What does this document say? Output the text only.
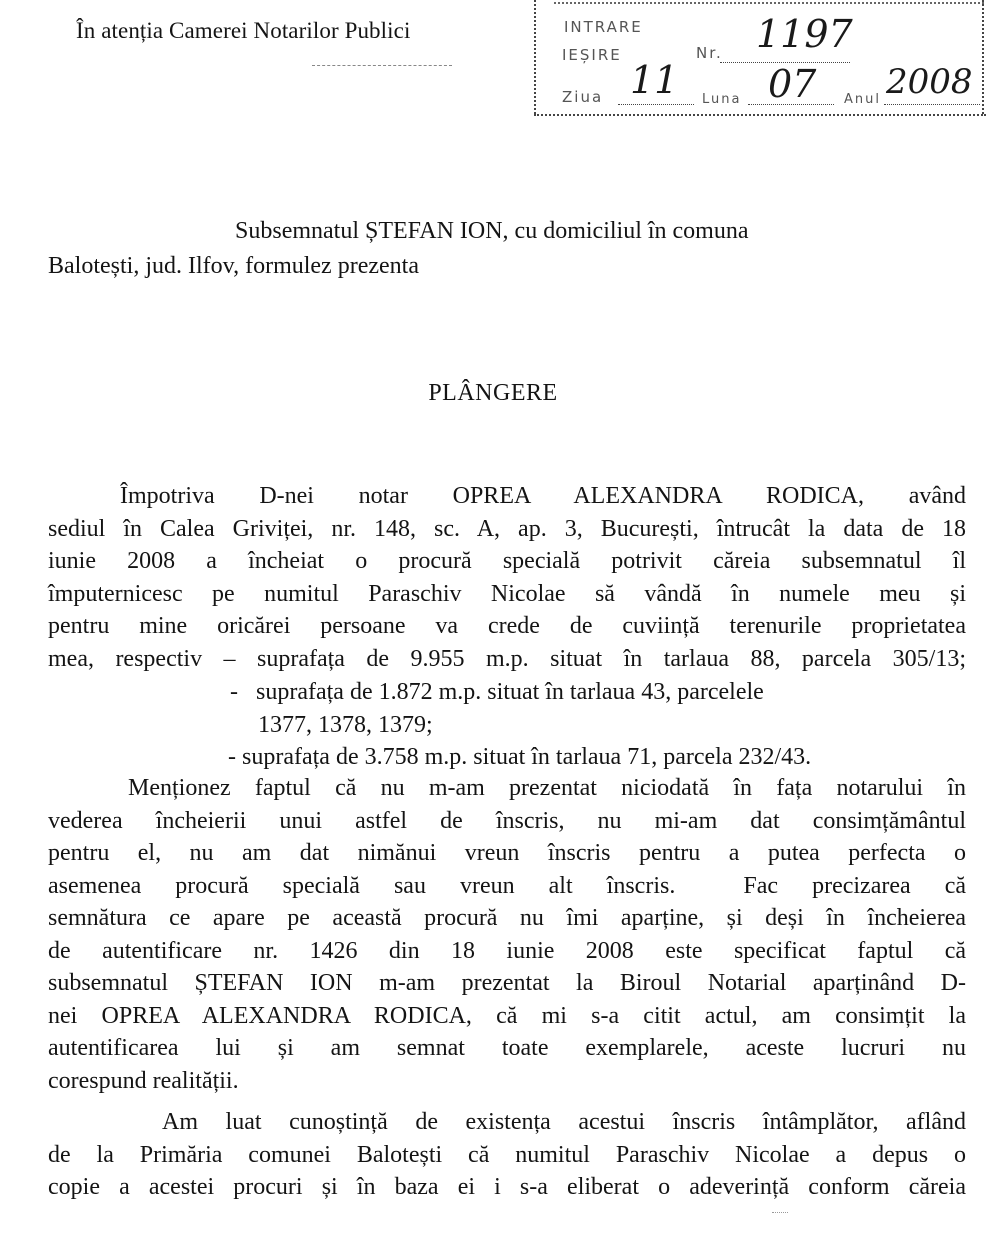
În atenția Camerei Notarilor Publici	INTRARE
IEȘIRE	Nr. 1197
Ziua 11 Luna 07 Anul 2008
Subsemnatul ȘTEFAN ION, cu domiciliul în comuna
Balotești, jud. Ilfov, formulez prezenta
PLÂNGERE
Împotriva D-nei notar OPREA ALEXANDRA RODICA, având
sediul în Calea Griviței, nr. 148, sc. A, ap. 3, București, întrucât la data de 18
iunie 2008 a încheiat o procură specială potrivit căreia subsemnatul îl
împuternicesc pe numitul Paraschiv Nicolae să vândă în numele meu și
pentru mine oricărei persoane va crede de cuviință terenurile proprietatea
mea, respectiv – suprafața de 9.955 m.p. situat în tarlaua 88, parcela 305/13;
-   suprafața de 1.872 m.p. situat în tarlaua 43, parcelele
1377, 1378, 1379;
- suprafața de 3.758 m.p. situat în tarlaua 71, parcela 232/43.
Menționez faptul că nu m-am prezentat niciodată în fața notarului în
vederea încheierii unui astfel de înscris, nu mi-am dat consimțământul
pentru el, nu am dat nimănui vreun înscris pentru a putea perfecta o
asemenea procură specială sau vreun alt înscris.  Fac precizarea că
semnătura ce apare pe această procură nu îmi aparține, și deși în încheierea
de autentificare nr. 1426 din 18 iunie 2008 este specificat faptul că
subsemnatul ȘTEFAN ION m-am prezentat la Biroul Notarial aparținând D-
nei OPREA ALEXANDRA RODICA, că mi s-a citit actul, am consimțit la
autentificarea lui și am semnat toate exemplarele, aceste lucruri nu
corespund realității.
Am luat cunoștință de existența acestui înscris întâmplător, aflând
de la Primăria comunei Balotești că numitul Paraschiv Nicolae a depus o
copie a acestei procuri și în baza ei i s-a eliberat o adeverință conform căreia
